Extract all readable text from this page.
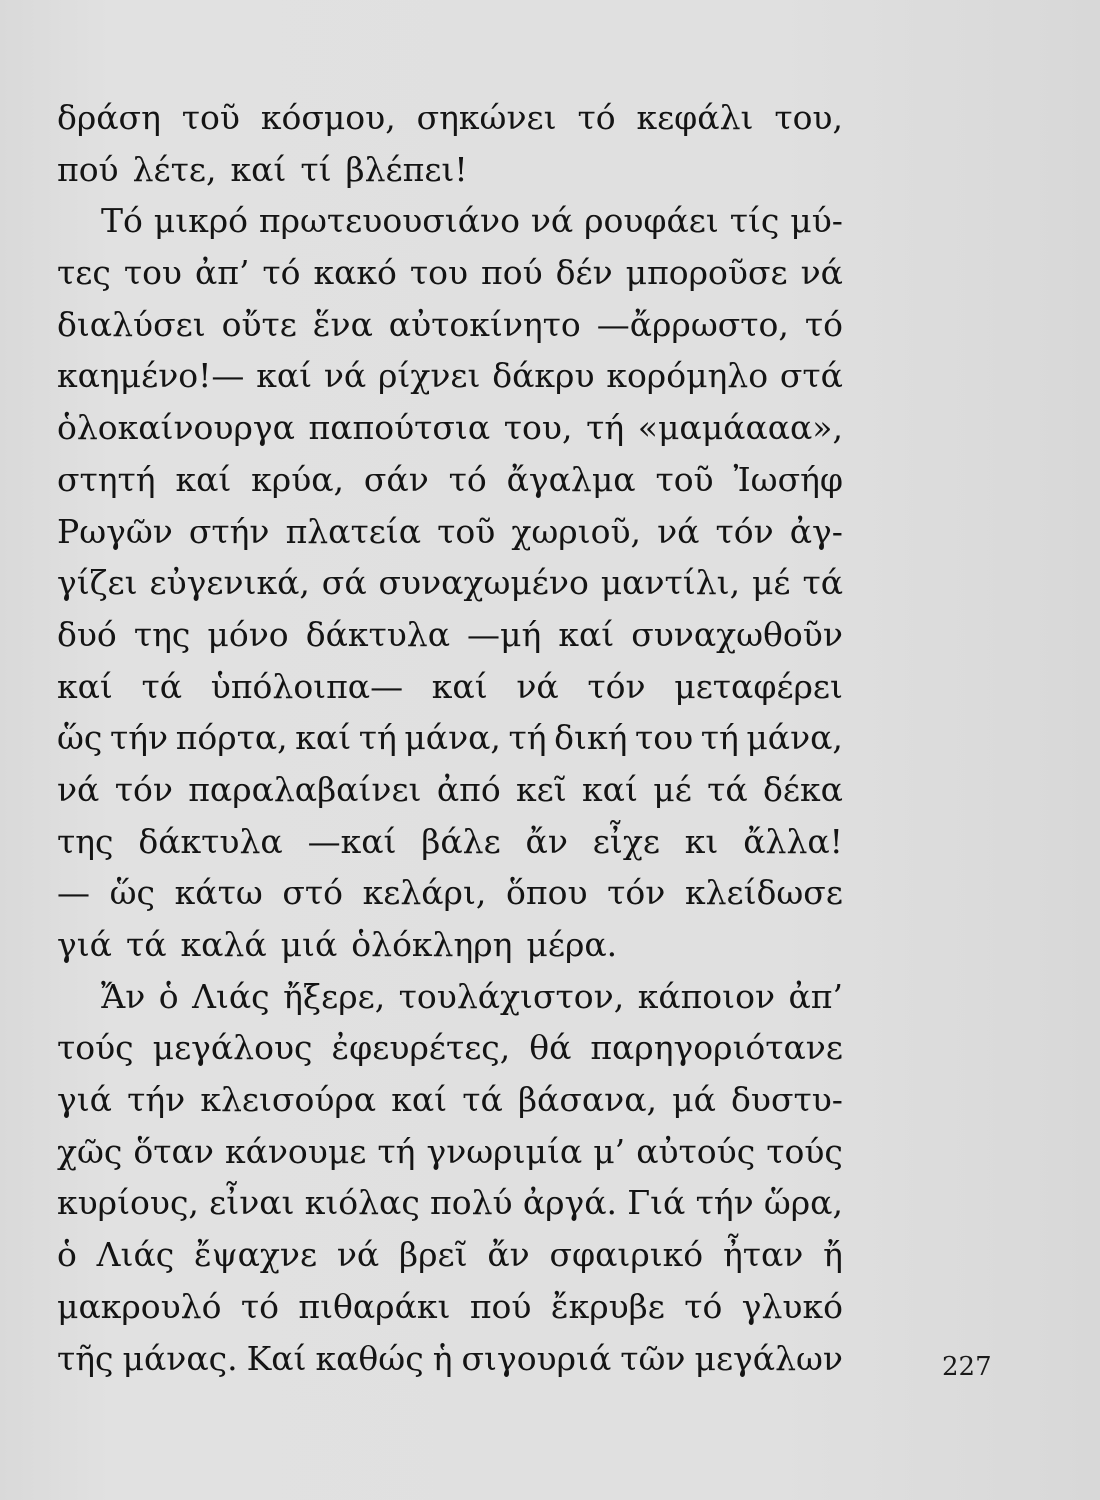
δράση τοῦ κόσμου, σηκώνει τό κεφάλι του,
πού λέτε, καί τί βλέπει!
Τό μικρό πρωτευουσιάνο νά ρουφάει τίς μύ-
τες του ἀπ’ τό κακό του πού δέν μποροῦσε νά
διαλύσει οὔτε ἕνα αὐτοκίνητο —ἄρρωστο, τό
καημένο!— καί νά ρίχνει δάκρυ κορόμηλο στά
ὁλοκαίνουργα παπούτσια του, τή «μαμάααα»,
στητή καί κρύα, σάν τό ἄγαλμα τοῦ Ἰωσήφ
Ρωγῶν στήν πλατεία τοῦ χωριοῦ, νά τόν ἀγ-
γίζει εὐγενικά, σά συναχωμένο μαντίλι, μέ τά
δυό της μόνο δάκτυλα —μή καί συναχωθοῦν
καί τά ὑπόλοιπα— καί νά τόν μεταφέρει
ὥς τήν πόρτα, καί τή μάνα, τή δική του τή μάνα,
νά τόν παραλαβαίνει ἀπό κεῖ καί μέ τά δέκα
της δάκτυλα —καί βάλε ἄν εἶχε κι ἄλλα!
— ὥς κάτω στό κελάρι, ὅπου τόν κλείδωσε
γιά τά καλά μιά ὁλόκληρη μέρα.
Ἄν ὁ Λιάς ἤξερε, τουλάχιστον, κάποιον ἀπ’
τούς μεγάλους ἐφευρέτες, θά παρηγοριότανε
γιά τήν κλεισούρα καί τά βάσανα, μά δυστυ-
χῶς ὅταν κάνουμε τή γνωριμία μ’ αὐτούς τούς
κυρίους, εἶναι κιόλας πολύ ἀργά. Γιά τήν ὥρα,
ὁ Λιάς ἔψαχνε νά βρεῖ ἄν σφαιρικό ἦταν ἤ
μακρουλό τό πιθαράκι πού ἔκρυβε τό γλυκό
τῆς μάνας. Καί καθώς ἡ σιγουριά τῶν μεγάλων	227
